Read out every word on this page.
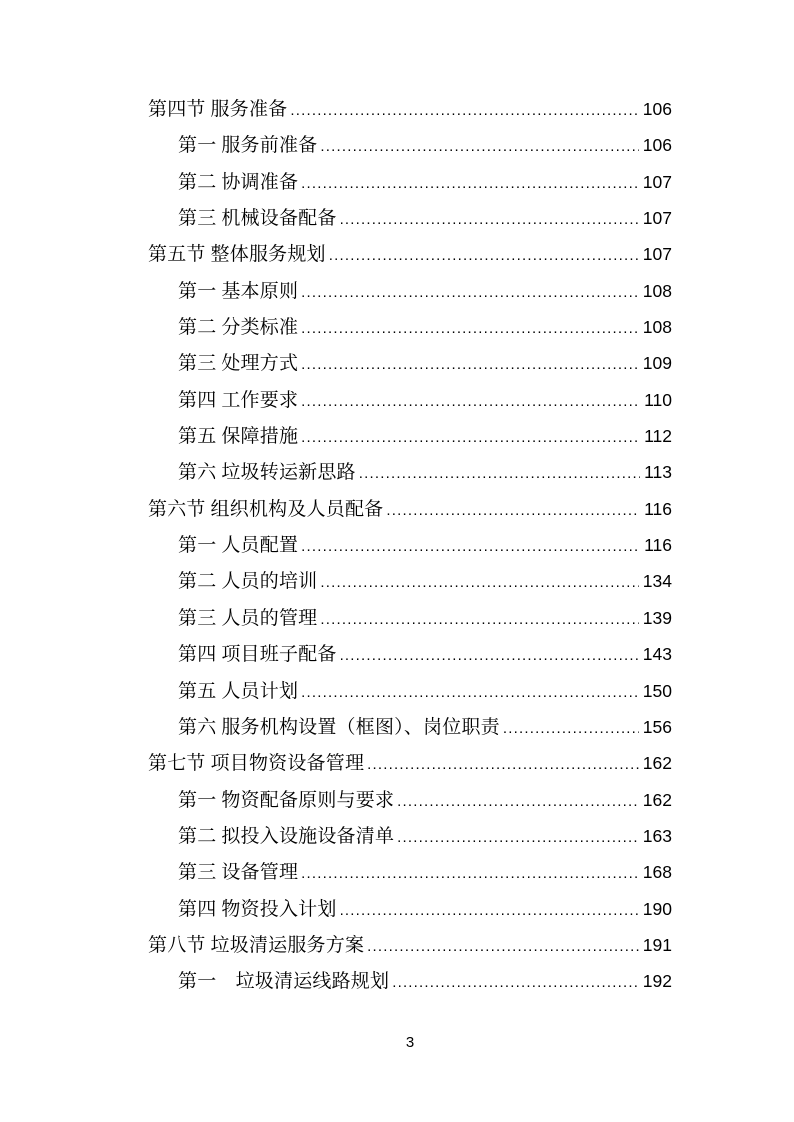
第四节 服务准备 .....	106
第一 服务前准备 .....	106
第二 协调准备 .....	107
第三 机械设备配备 .....	107
第五节 整体服务规划 .....	107
第一 基本原则 .....	108
第二 分类标准 .....	108
第三 处理方式 .....	109
第四 工作要求 .....	110
第五 保障措施 .....	112
第六 垃圾转运新思路 .....	113
第六节 组织机构及人员配备 .....	116
第一 人员配置 .....	116
第二 人员的培训 .....	134
第三 人员的管理 .....	139
第四 项目班子配备 .....	143
第五 人员计划 .....	150
第六 服务机构设置（框图）、岗位职责 .....	156
第七节 项目物资设备管理 .....	162
第一 物资配备原则与要求 .....	162
第二 拟投入设施设备清单 .....	163
第三 设备管理 .....	168
第四 物资投入计划 .....	190
第八节 垃圾清运服务方案 .....	191
第一　垃圾清运线路规划 .....	192
3
